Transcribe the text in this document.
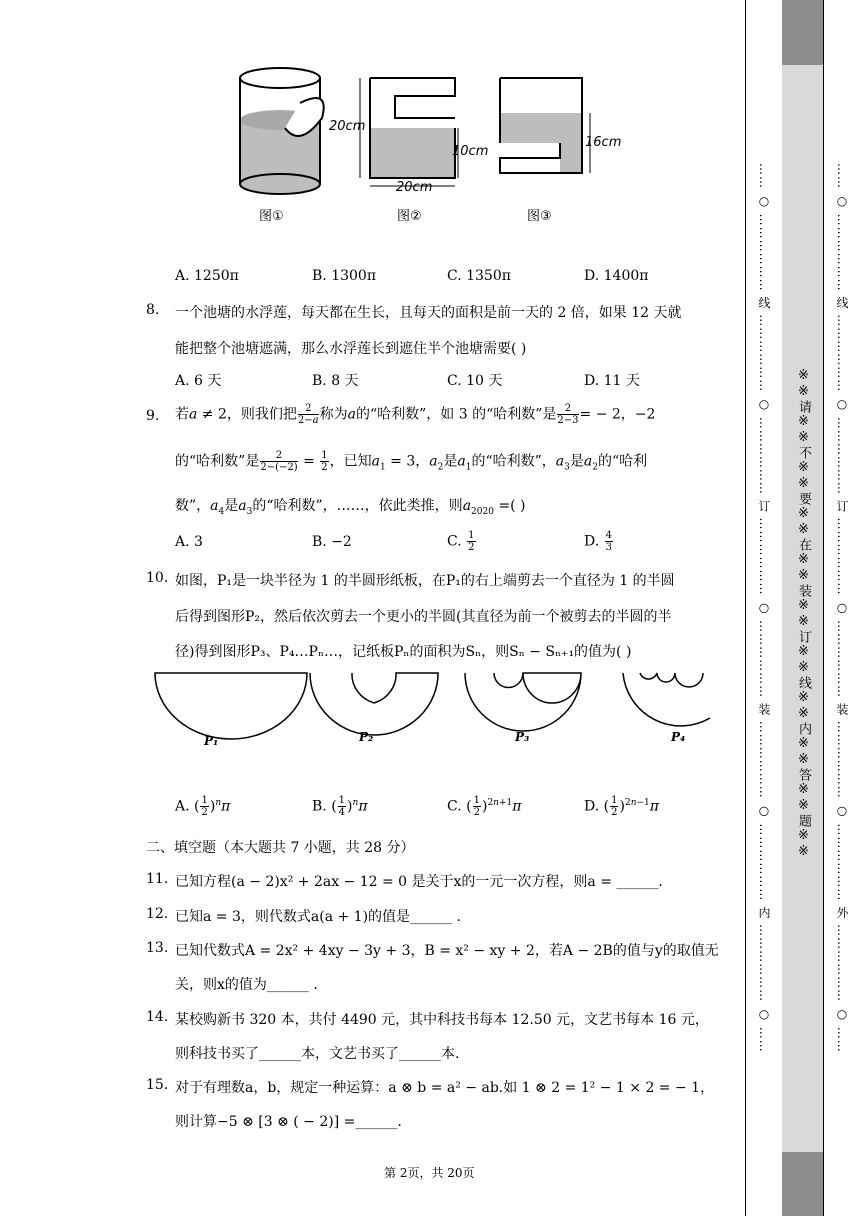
20cm
10cm
20cm
16cm
图①	图②	图③
A. 1250π	B. 1300π	C. 1350π	D. 1400π
8. 一个池塘的水浮莲，每天都在生长，且每天的面积是前一天的 2 倍，如果 12 天就
能把整个池塘遮满，那么水浮莲长到遮住半个池塘需要( )
A. 6 天	B. 8 天	C. 10 天	D. 11 天
9. 若a ≠ 2，则我们把 $\frac{2}{2-a}$ 称为a的“哈利数”，如 3 的“哈利数”是 $\frac{2}{2-3}$ = − 2，−2
的“哈利数”是 $\frac{2}{2-(-2)} = \frac{1}{2}$ ，已知$a_1 = 3$，$a_2$是$a_1$的“哈利数”，$a_3$是$a_2$的“哈利
数”，$a_4$是$a_3$的“哈利数”，……，依此类推，则$a_{2020}$ =( )
A. 3	B. −2	C. $\frac{1}{2}$	D. $\frac{4}{3}$
10. 如图，P₁是一块半径为 1 的半圆形纸板，在P₁的右上端剪去一个直径为 1 的半圆
后得到图形P₂，然后依次剪去一个更小的半圆(其直径为前一个被剪去的半圆的半
径)得到图形P₃、P₄…Pₙ…，记纸板Pₙ的面积为Sₙ，则Sₙ − Sₙ₊₁的值为( )
P₁	P₂	P₃	P₄
A. ( $\frac{1}{2} )^n\pi$	B. ( $\frac{1}{4} )^n\pi$	C. ( $\frac{1}{2} )^{2n+1}\pi$	D. ( $\frac{1}{2} )^{2n-1}\pi$
二、填空题（本大题共 7 小题，共 28 分）
11. 已知方程(a − 2)x² + 2ax − 12 = 0 是关于x的一元一次方程，则a = ______.
12. 已知a = 3，则代数式a(a + 1)的值是______ .
13. 已知代数式A = 2x² + 4xy − 3y + 3，B = x² − xy + 2，若A − 2B的值与y的取值无
关，则x的值为______ .
14. 某校购新书 320 本，共付 4490 元，其中科技书每本 12.50 元，文艺书每本 16 元，
则科技书买了______本，文艺书买了______本.
15. 对于有理数a，b，规定一种运算：a ⊗ b = a² − ab.如 1 ⊗ 2 = 1² − 1 × 2 = − 1，
则计算−5 ⊗ [3 ⊗ ( − 2)] =______.
第 2页，共 20页
…… ○ ……………… 线 ……………… ○ ……………… 订 ……………… ○ ……………… 装 ……………… ○ ……………… 内 ……………… ○ ……
※※请※※不※※要※※在※※装※※订※※线※※内※※答※※题※※
…… ○ ……………… 线 ……………… ○ ……………… 订 ……………… ○ ……………… 装 ……………… ○ ……………… 外 ……………… ○ ……
